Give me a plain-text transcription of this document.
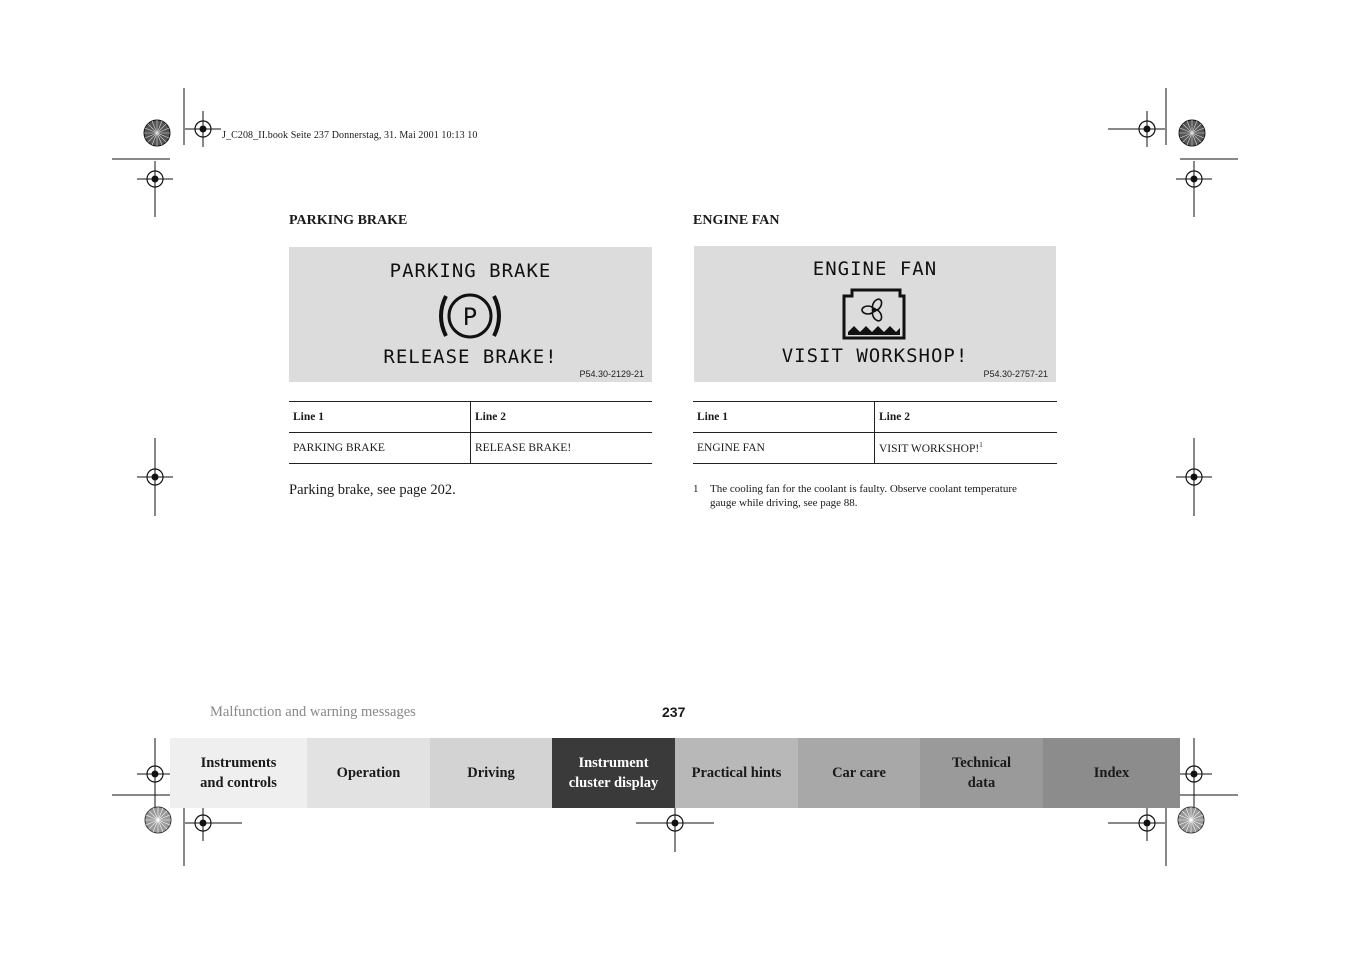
J_C208_II.book Seite 237 Donnerstag, 31. Mai 2001 10:13 10
PARKING BRAKE
PARKING BRAKE
P
RELEASE BRAKE!
P54.30-2129-21
Line 1	Line 2
PARKING BRAKE	RELEASE BRAKE!
Parking brake, see page 202.
ENGINE FAN
ENGINE FAN
VISIT WORKSHOP!
P54.30-2757-21
Line 1	Line 2
ENGINE FAN	VISIT WORKSHOP!$^1$
1 The cooling fan for the coolant is faulty. Observe coolant temperature gauge while driving, see page 88.
Malfunction and warning messages	237
Instruments
and controls
Operation	Driving
Instrument
cluster display
Practical hints	Car care
Technical
data
Index
